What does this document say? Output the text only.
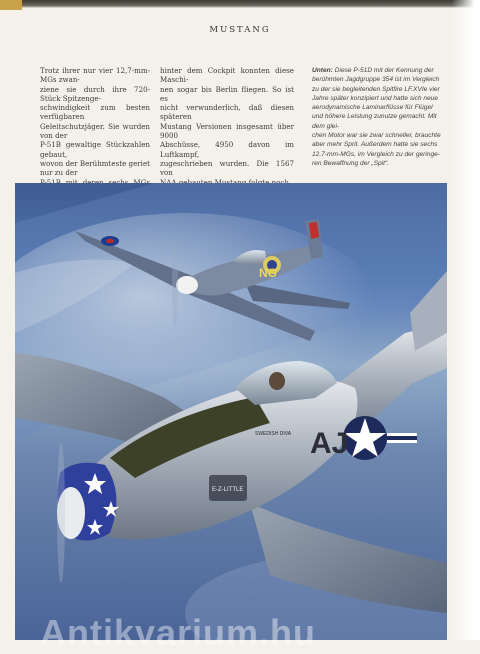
MUSTANG
Trotz ihrer nur vier 12,7-mm-MGs zwan-
ziene sie durch ihre 720-Stück Spitzenge-
schwindigkeit zum besten verfügbaren
Geleitschutzjäger. Sie wurden von der
P-51B gewaltige Stückzahlen gebaut,
wovon der Berühmteste geriet nur zu der

hinter dem Cockpit konnten diese Maschi-
nen sogar bis Berlin fliegen. So ist es
nicht verwunderlich, daß diesen späteren
Mustang Versionen insgesamt über 9000
Abschüsse, 4950 davon im Luftkampf,
zugeschrieben wurden. Die 1567 von

Unten: Diese P-51D mit der Kennung der
berühmten Jagdgruppe 354 ist im Vergleich
zu der sie begleitenden Spitfire LF.XVIe vier
Jahre später konzipiert und hatte sich neue
aerodynamische Laminarflüsse für Flügel
und höhere Leistung zunutze gemacht. Mit dem glei-
chen Motor war sie zwar schneller, brauchte
aber mehr Sprit. Außerdem hatte sie sechs
12,7-mm-MGs, im Vergleich zu der geringe-
ren Bewaffnung der „Spit“.
NG
AJ
E-Z-LITTLE
SWEDISH DIVA
Antikvarium.hu
